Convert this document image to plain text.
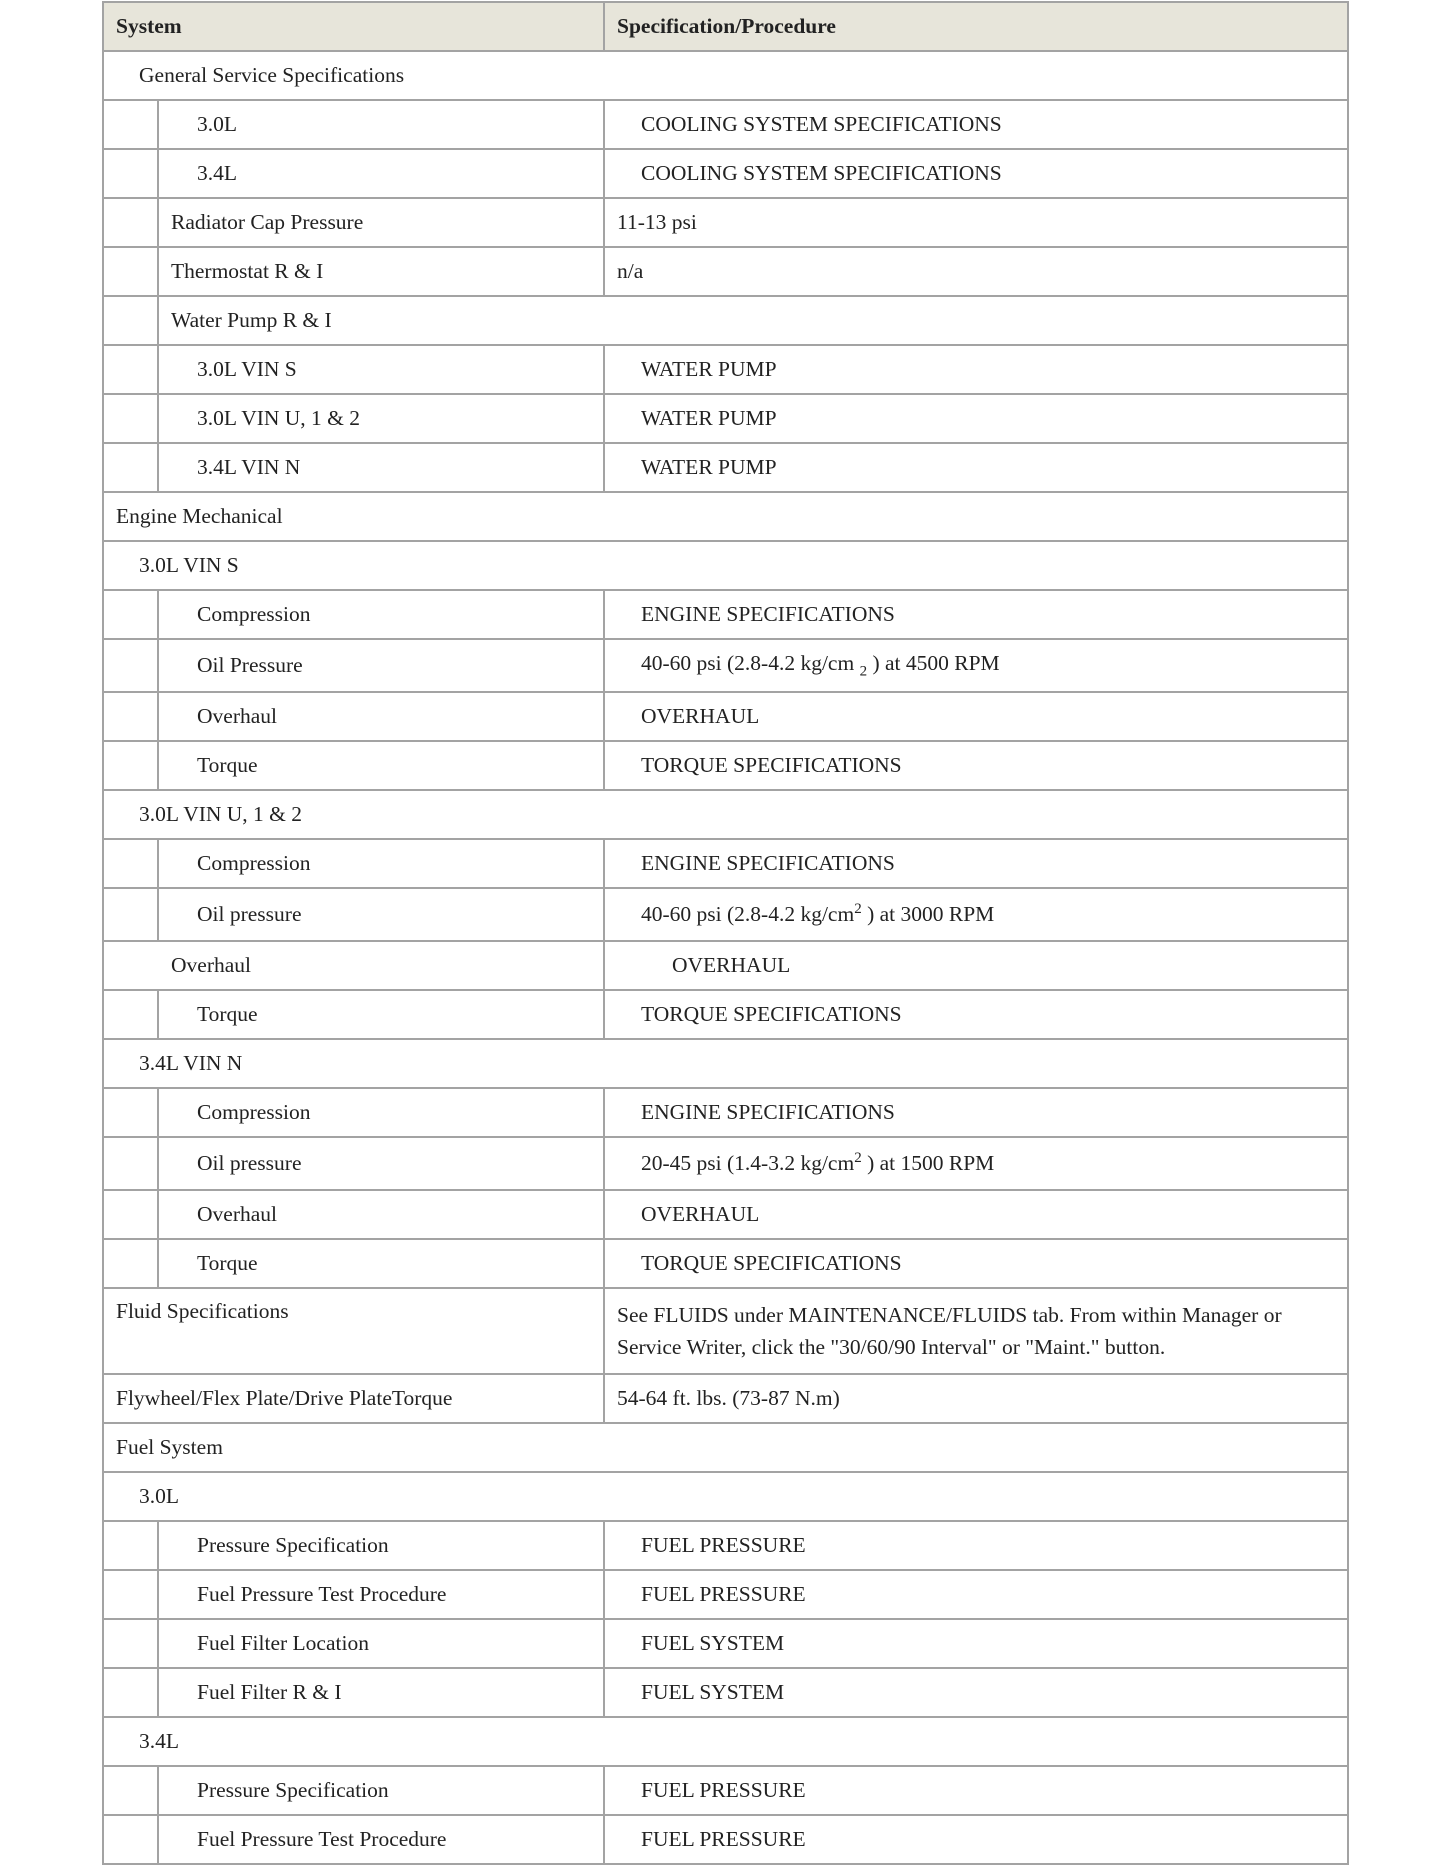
System		Specification/Procedure
General Service Specifications		
	3.0L	COOLING SYSTEM SPECIFICATIONS
	3.4L	COOLING SYSTEM SPECIFICATIONS
	Radiator Cap Pressure	11-13 psi
	Thermostat R & I	n/a
	Water Pump R & I	
	3.0L VIN S	WATER PUMP
	3.0L VIN U, 1 & 2	WATER PUMP
	3.4L VIN N	WATER PUMP
Engine Mechanical		
3.0L VIN S		
	Compression	ENGINE SPECIFICATIONS
	Oil Pressure	40-60 psi (2.8-4.2 kg/cm $_2$ ) at 4500 RPM
	Overhaul	OVERHAUL
	Torque	TORQUE SPECIFICATIONS
3.0L VIN U, 1 & 2		
	Compression	ENGINE SPECIFICATIONS
	Oil pressure	40-60 psi (2.8-4.2 $kg/cm^2$ ) at 3000 RPM
Overhaul		OVERHAUL
	Torque	TORQUE SPECIFICATIONS
3.4L VIN N		
	Compression	ENGINE SPECIFICATIONS
	Oil pressure	20-45 psi (1.4-3.2 $kg/cm^2$ ) at 1500 RPM
	Overhaul	OVERHAUL
	Torque	TORQUE SPECIFICATIONS
Fluid Specifications		See FLUIDS under MAINTENANCE/FLUIDS tab. From within Manager or Service Writer, click the "30/60/90 Interval" or "Maint." button.
Flywheel/Flex Plate/Drive PlateTorque		54-64 ft. lbs. (73-87 N.m)
Fuel System		
3.0L		
	Pressure Specification	FUEL PRESSURE
	Fuel Pressure Test Procedure	FUEL PRESSURE
	Fuel Filter Location	FUEL SYSTEM
	Fuel Filter R & I	FUEL SYSTEM
3.4L		
	Pressure Specification	FUEL PRESSURE
	Fuel Pressure Test Procedure	FUEL PRESSURE
